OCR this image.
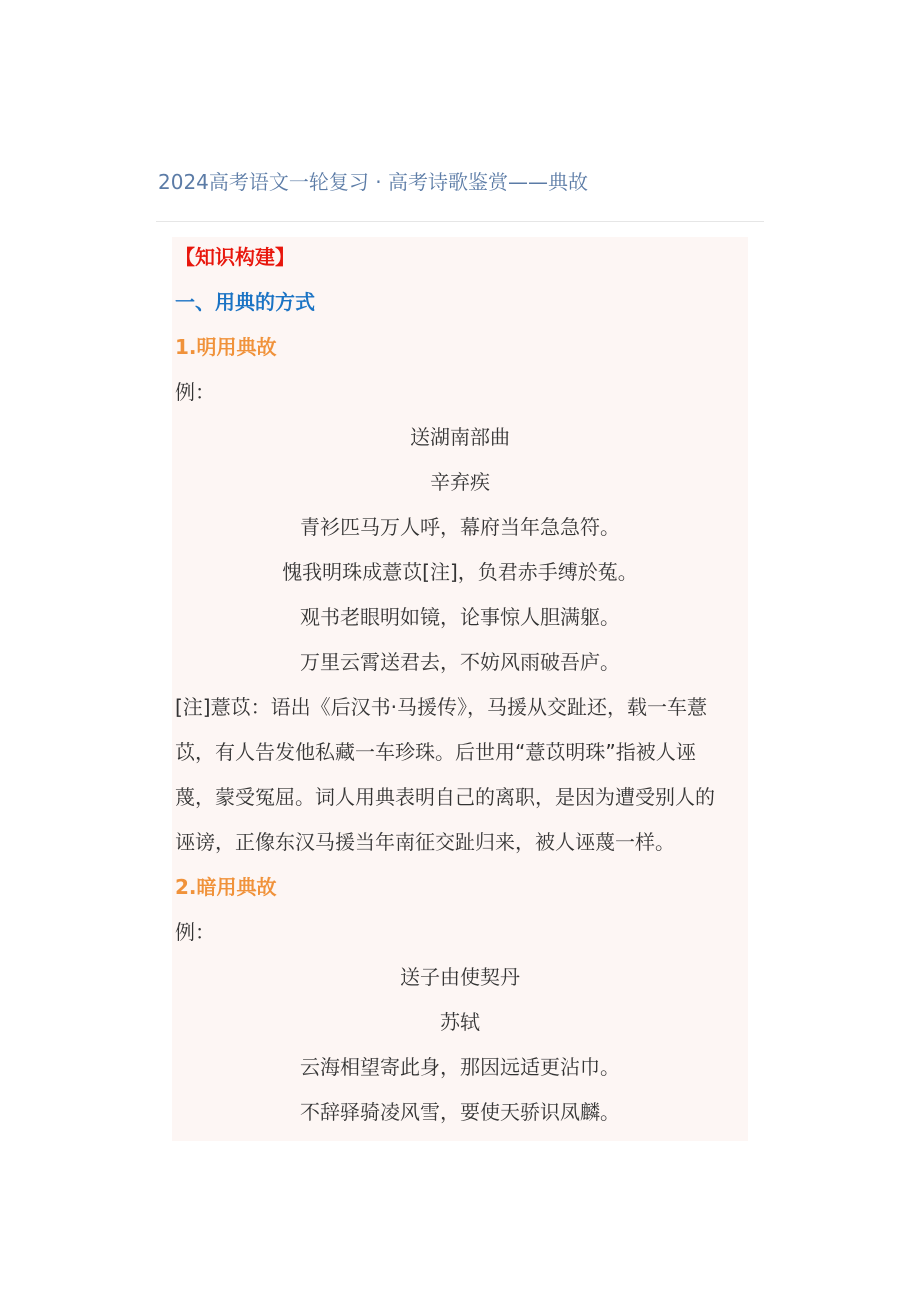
2024高考语文一轮复习 · 高考诗歌鉴赏——典故
【知识构建】
一、用典的方式
1.明用典故
例：
送湖南部曲
辛弃疾
青衫匹马万人呼，幕府当年急急符。
愧我明珠成薏苡[注]，负君赤手缚於菟。
观书老眼明如镜，论事惊人胆满躯。
万里云霄送君去，不妨风雨破吾庐。
[注]薏苡：语出《后汉书·马援传》，马援从交趾还，载一车薏
苡，有人告发他私藏一车珍珠。后世用“薏苡明珠”指被人诬
蔑，蒙受冤屈。词人用典表明自己的离职，是因为遭受别人的
诬谤，正像东汉马援当年南征交趾归来，被人诬蔑一样。
2.暗用典故
例：
送子由使契丹
苏轼
云海相望寄此身，那因远适更沾巾。
不辞驿骑凌风雪，要使天骄识凤麟。
